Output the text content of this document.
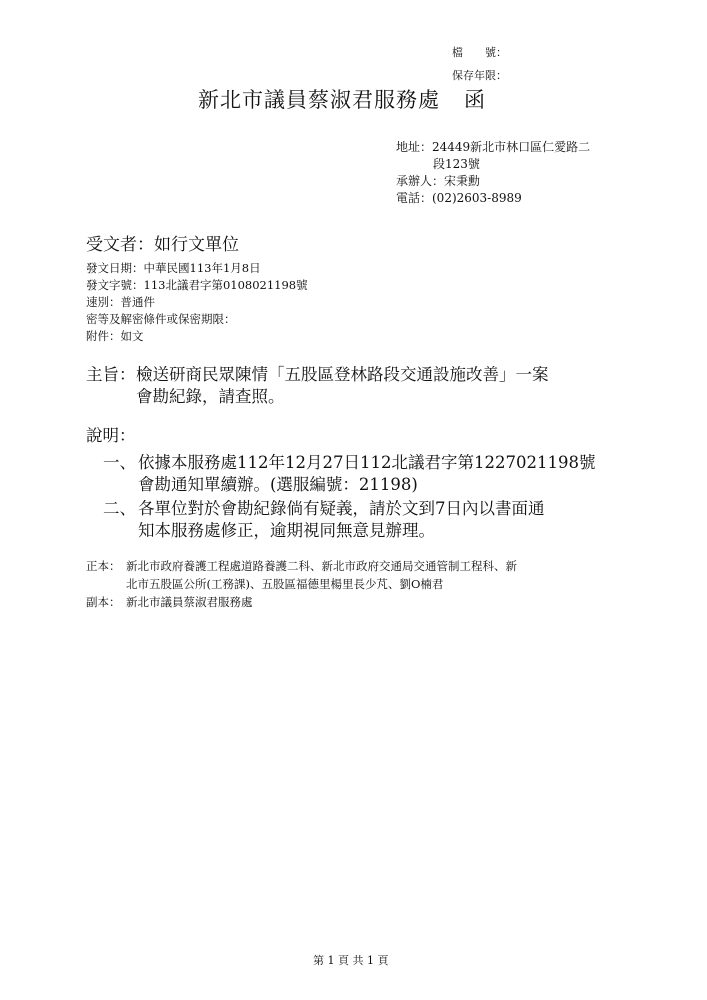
檔　　號：
保存年限：
新北市議員蔡淑君服務處 函
地址：24449新北市林口區仁愛路二
段123號
承辦人：宋秉勳
電話：(02)2603-8989
受文者：如行文單位
發文日期：中華民國113年1月8日
發文字號：113北議君字第0108021198號
速別：普通件
密等及解密條件或保密期限：
附件：如文
主旨： 檢送研商民眾陳情「五股區登林路段交通設施改善」一案
會勘紀錄，請查照。
說明：
一、 依據本服務處112年12月27日112北議君字第1227021198號
會勘通知單續辦。(選服編號：21198)
二、 各單位對於會勘紀錄倘有疑義，請於文到7日內以書面通
知本服務處修正，逾期視同無意見辦理。
正本： 新北市政府養護工程處道路養護二科、新北市政府交通局交通管制工程科、新
北市五股區公所(工務課)、五股區福德里楊里長少芃、劉O楠君
副本： 新北市議員蔡淑君服務處
第 1 頁 共 1 頁
